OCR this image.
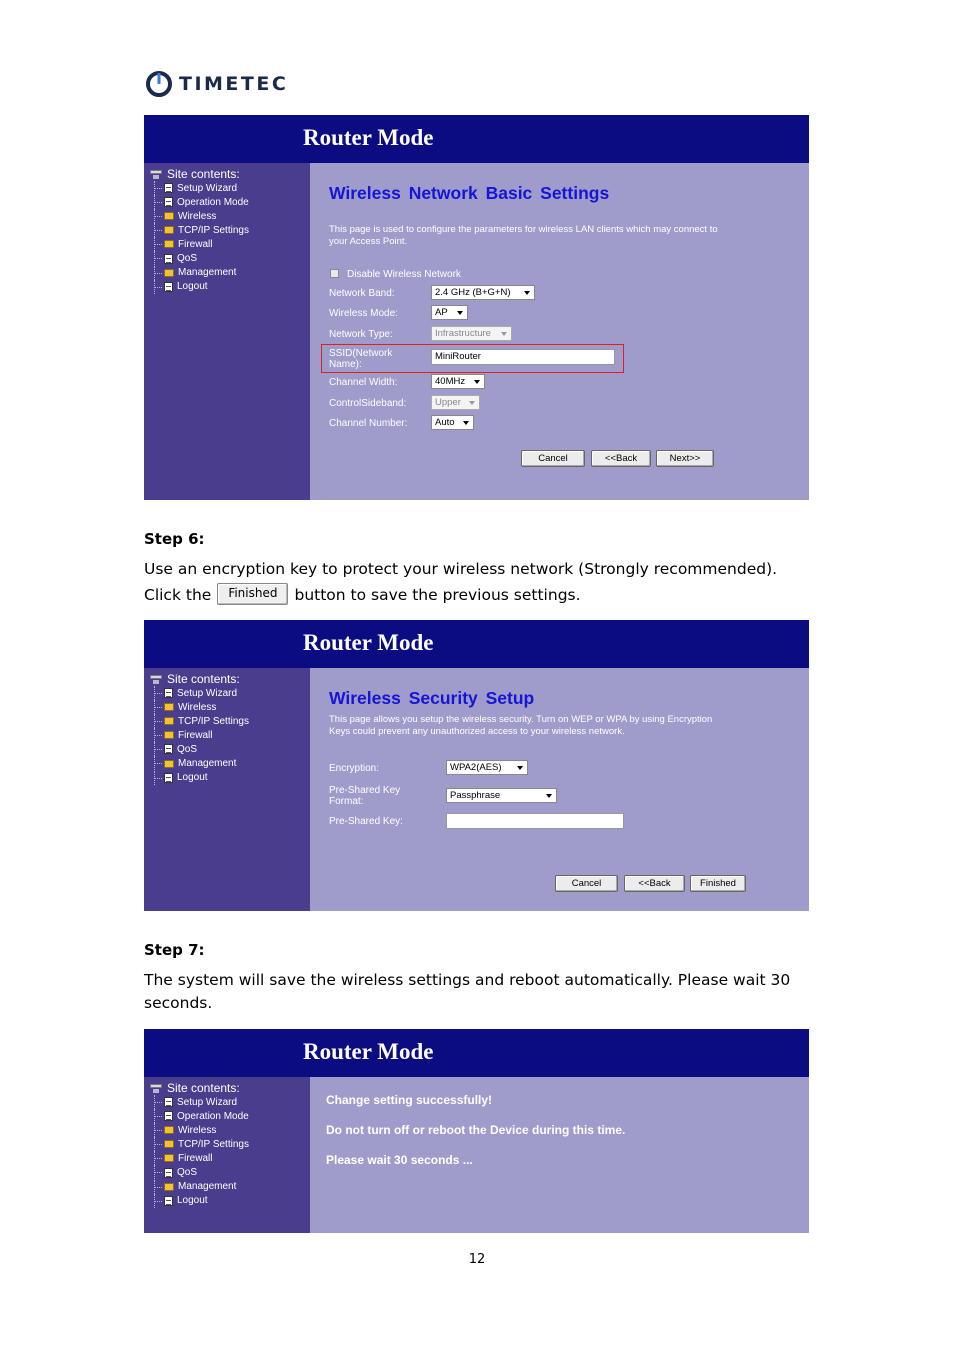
TIMETEC
Router Mode
Site contents:
Setup Wizard
Operation Mode
Wireless
TCP/IP Settings
Firewall
QoS
Management
Logout
Wireless Network Basic Settings
This page is used to configure the parameters for wireless LAN clients which may connect to your Access Point.
Disable Wireless Network
Network Band:	2.4 GHz (B+G+N)
Wireless Mode:	AP
Network Type:	Infrastructure
SSID(Network Name):
MiniRouter
Channel Width:	40MHz
ControlSideband:	Upper
Channel Number:	Auto
Cancel	<<Back	Next>>
Step 6:
Use an encryption key to protect your wireless network (Strongly recommended).
Click the Finished button to save the previous settings.
Router Mode
Site contents:
Setup Wizard
Wireless
TCP/IP Settings
Firewall
QoS
Management
Logout
Wireless Security Setup
This page allows you setup the wireless security. Turn on WEP or WPA by using Encryption Keys could prevent any unauthorized access to your wireless network.
Encryption:	WPA2(AES)
Pre-Shared Key Format:
Passphrase
Pre-Shared Key:
Cancel	<<Back	Finished
Step 7:
The system will save the wireless settings and reboot automatically. Please wait 30 seconds.
Router Mode
Site contents:
Setup Wizard
Operation Mode
Wireless
TCP/IP Settings
Firewall
QoS
Management
Logout
Change setting successfully!
Do not turn off or reboot the Device during this time.
Please wait 30 seconds ...
12
